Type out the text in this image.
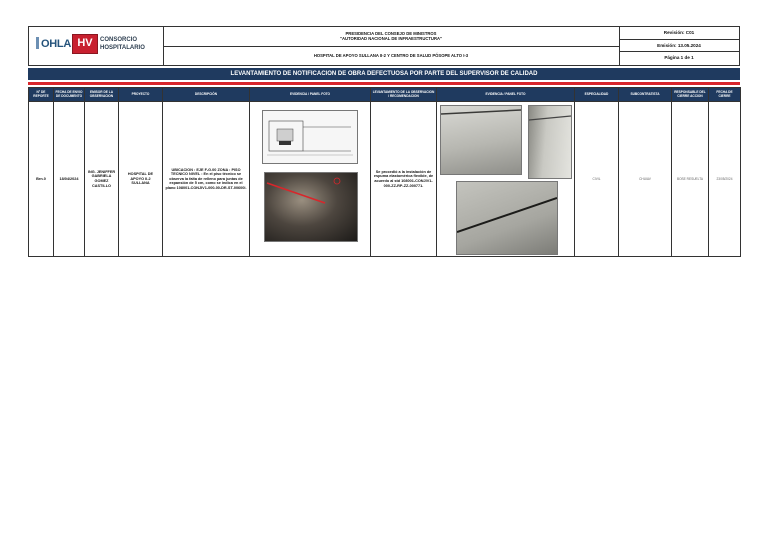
OHLA HV	CONSORCIO HOSPITALARIO
PRESIDENCIA DEL CONSEJO DE MINISTROS
"AUTORIDAD NACIONAL DE INFRAESTRUCTURA"
HOSPITAL DE APOYO SULLANA II-2 Y CENTRO DE SALUD PÓSOPE ALTO I-3
Revisión: C01
Emisión: 13.05.2024
Página 1 de 1
LEVANTAMIENTO DE NOTIFICACION DE OBRA DEFECTUOSA POR PARTE DEL SUPERVISOR DE CALIDAD
N° DE REPORTE	FECHA DE ENVIO DE DOCUMENTO	EMISOR DE LA OBSERVACION	PROYECTO	DESCRIPCIÓN	EVIDENCIA / PANEL FOTO	LEVANTAMIENTO DE LA OBSERVACION / RECOMENDACION	EVIDENCIA / PANEL FOTO	ESPECIALIDAD	SUBCONTRATISTA	RESPONSABLE DEL CIERRE ACCION	FECHA DE CIERRE
Brn.0	18/04/2024	ING. JENIFFER GABRIELA GOMEZ CASTILLO	HOSPITAL DE APOYO II-2 SULLANA	UBICACION : EJE F-G.00 ZONA : PISO TECNICO NIVEL : En el piso técnico se observa la falta de relleno para juntas de expansión de 5 cm, como se indica en el plano 108001-CONJIV1-000-00-DR-ST-00600I.		Se procedió a la instalación de espuma elastomérica flexible, de acuerdo al std 108001-CONJIV1-000-ZZ-RP-ZZ-000771.		CIVIL	CHUIAV	BOSE RESUELTA	23/05/2024
